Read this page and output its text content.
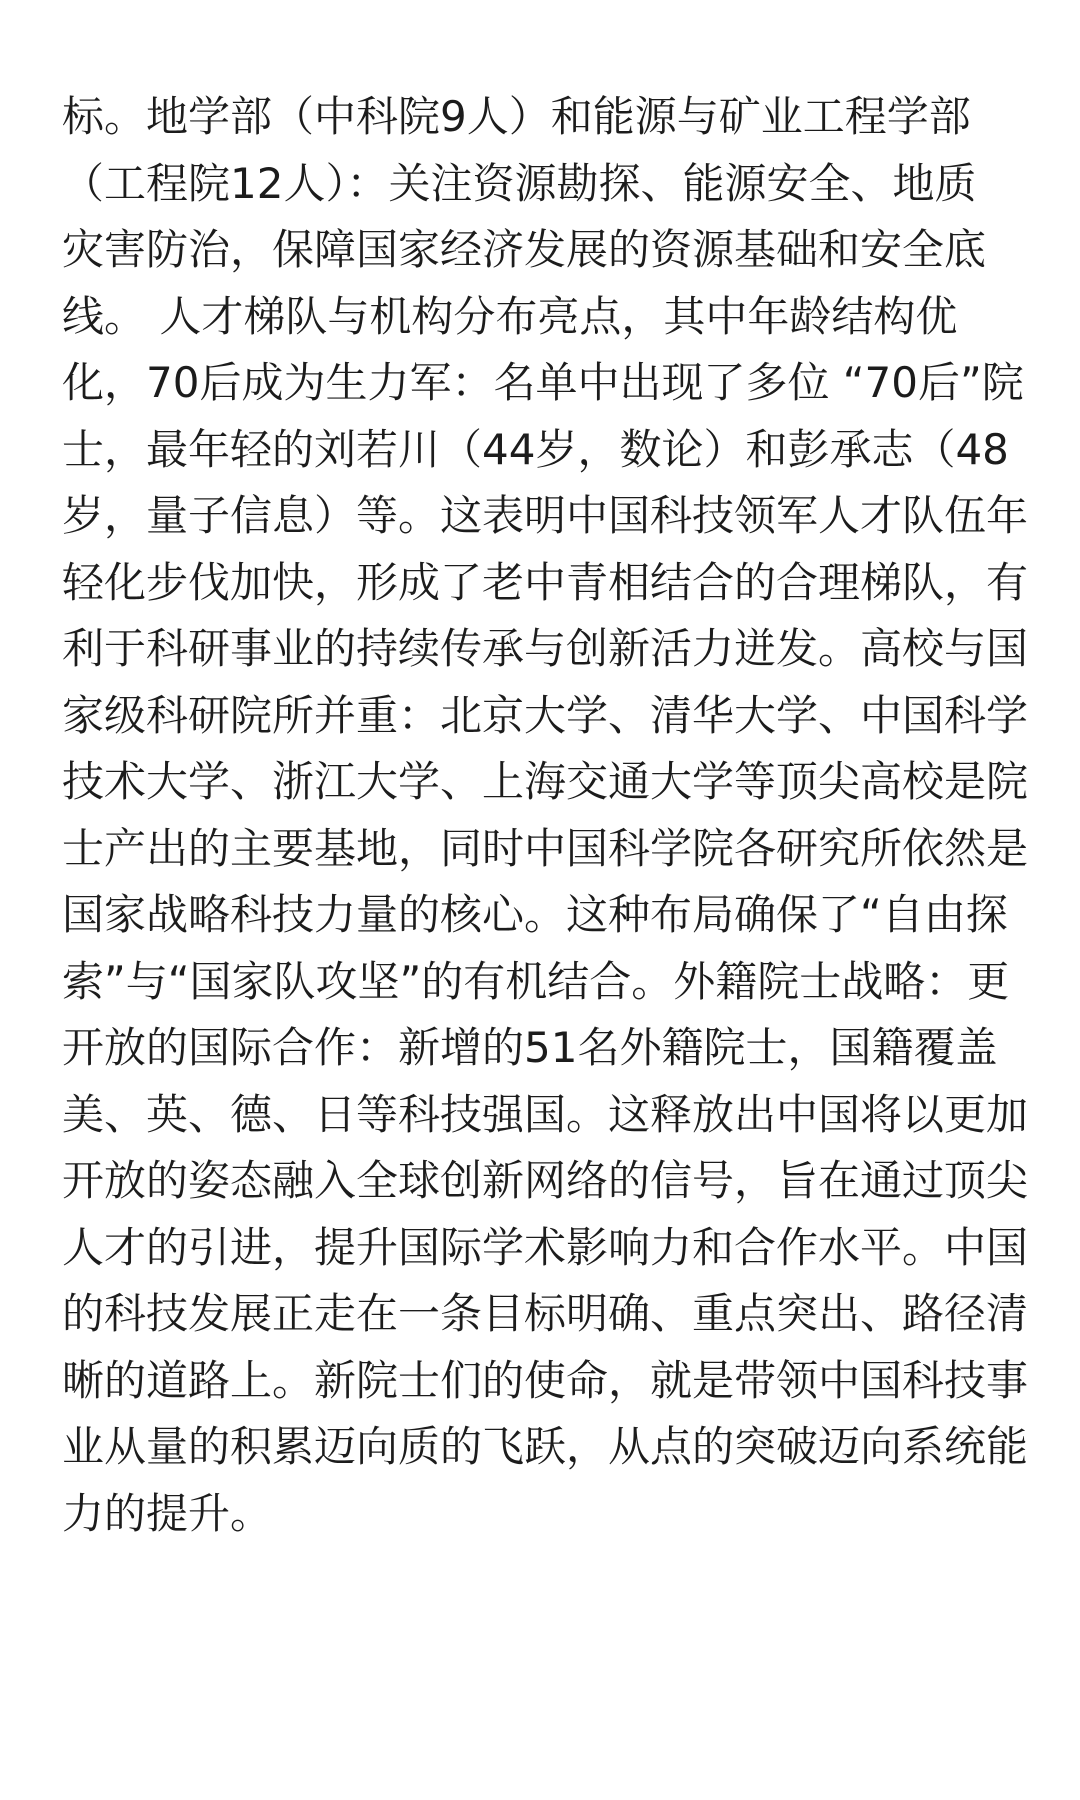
标。地学部（中科院9人）和能源与矿业工程学部
（工程院12人）：关注资源勘探、能源安全、地质
灾害防治，保障国家经济发展的资源基础和安全底
线。 人才梯队与机构分布亮点，其中年龄结构优
化，70后成为生力军：名单中出现了多位 “70后”院
士，最年轻的刘若川（44岁，数论）和彭承志（48
岁，量子信息）等。这表明中国科技领军人才队伍年
轻化步伐加快，形成了老中青相结合的合理梯队，有
利于科研事业的持续传承与创新活力迸发。高校与国
家级科研院所并重：北京大学、清华大学、中国科学
技术大学、浙江大学、上海交通大学等顶尖高校是院
士产出的主要基地，同时中国科学院各研究所依然是
国家战略科技力量的核心。这种布局确保了“自由探
索”与“国家队攻坚”的有机结合。外籍院士战略：更
开放的国际合作：新增的51名外籍院士，国籍覆盖
美、英、德、日等科技强国。这释放出中国将以更加
开放的姿态融入全球创新网络的信号，旨在通过顶尖
人才的引进，提升国际学术影响力和合作水平。中国
的科技发展正走在一条目标明确、重点突出、路径清
晰的道路上。新院士们的使命，就是带领中国科技事
业从量的积累迈向质的飞跃，从点的突破迈向系统能
力的提升。
